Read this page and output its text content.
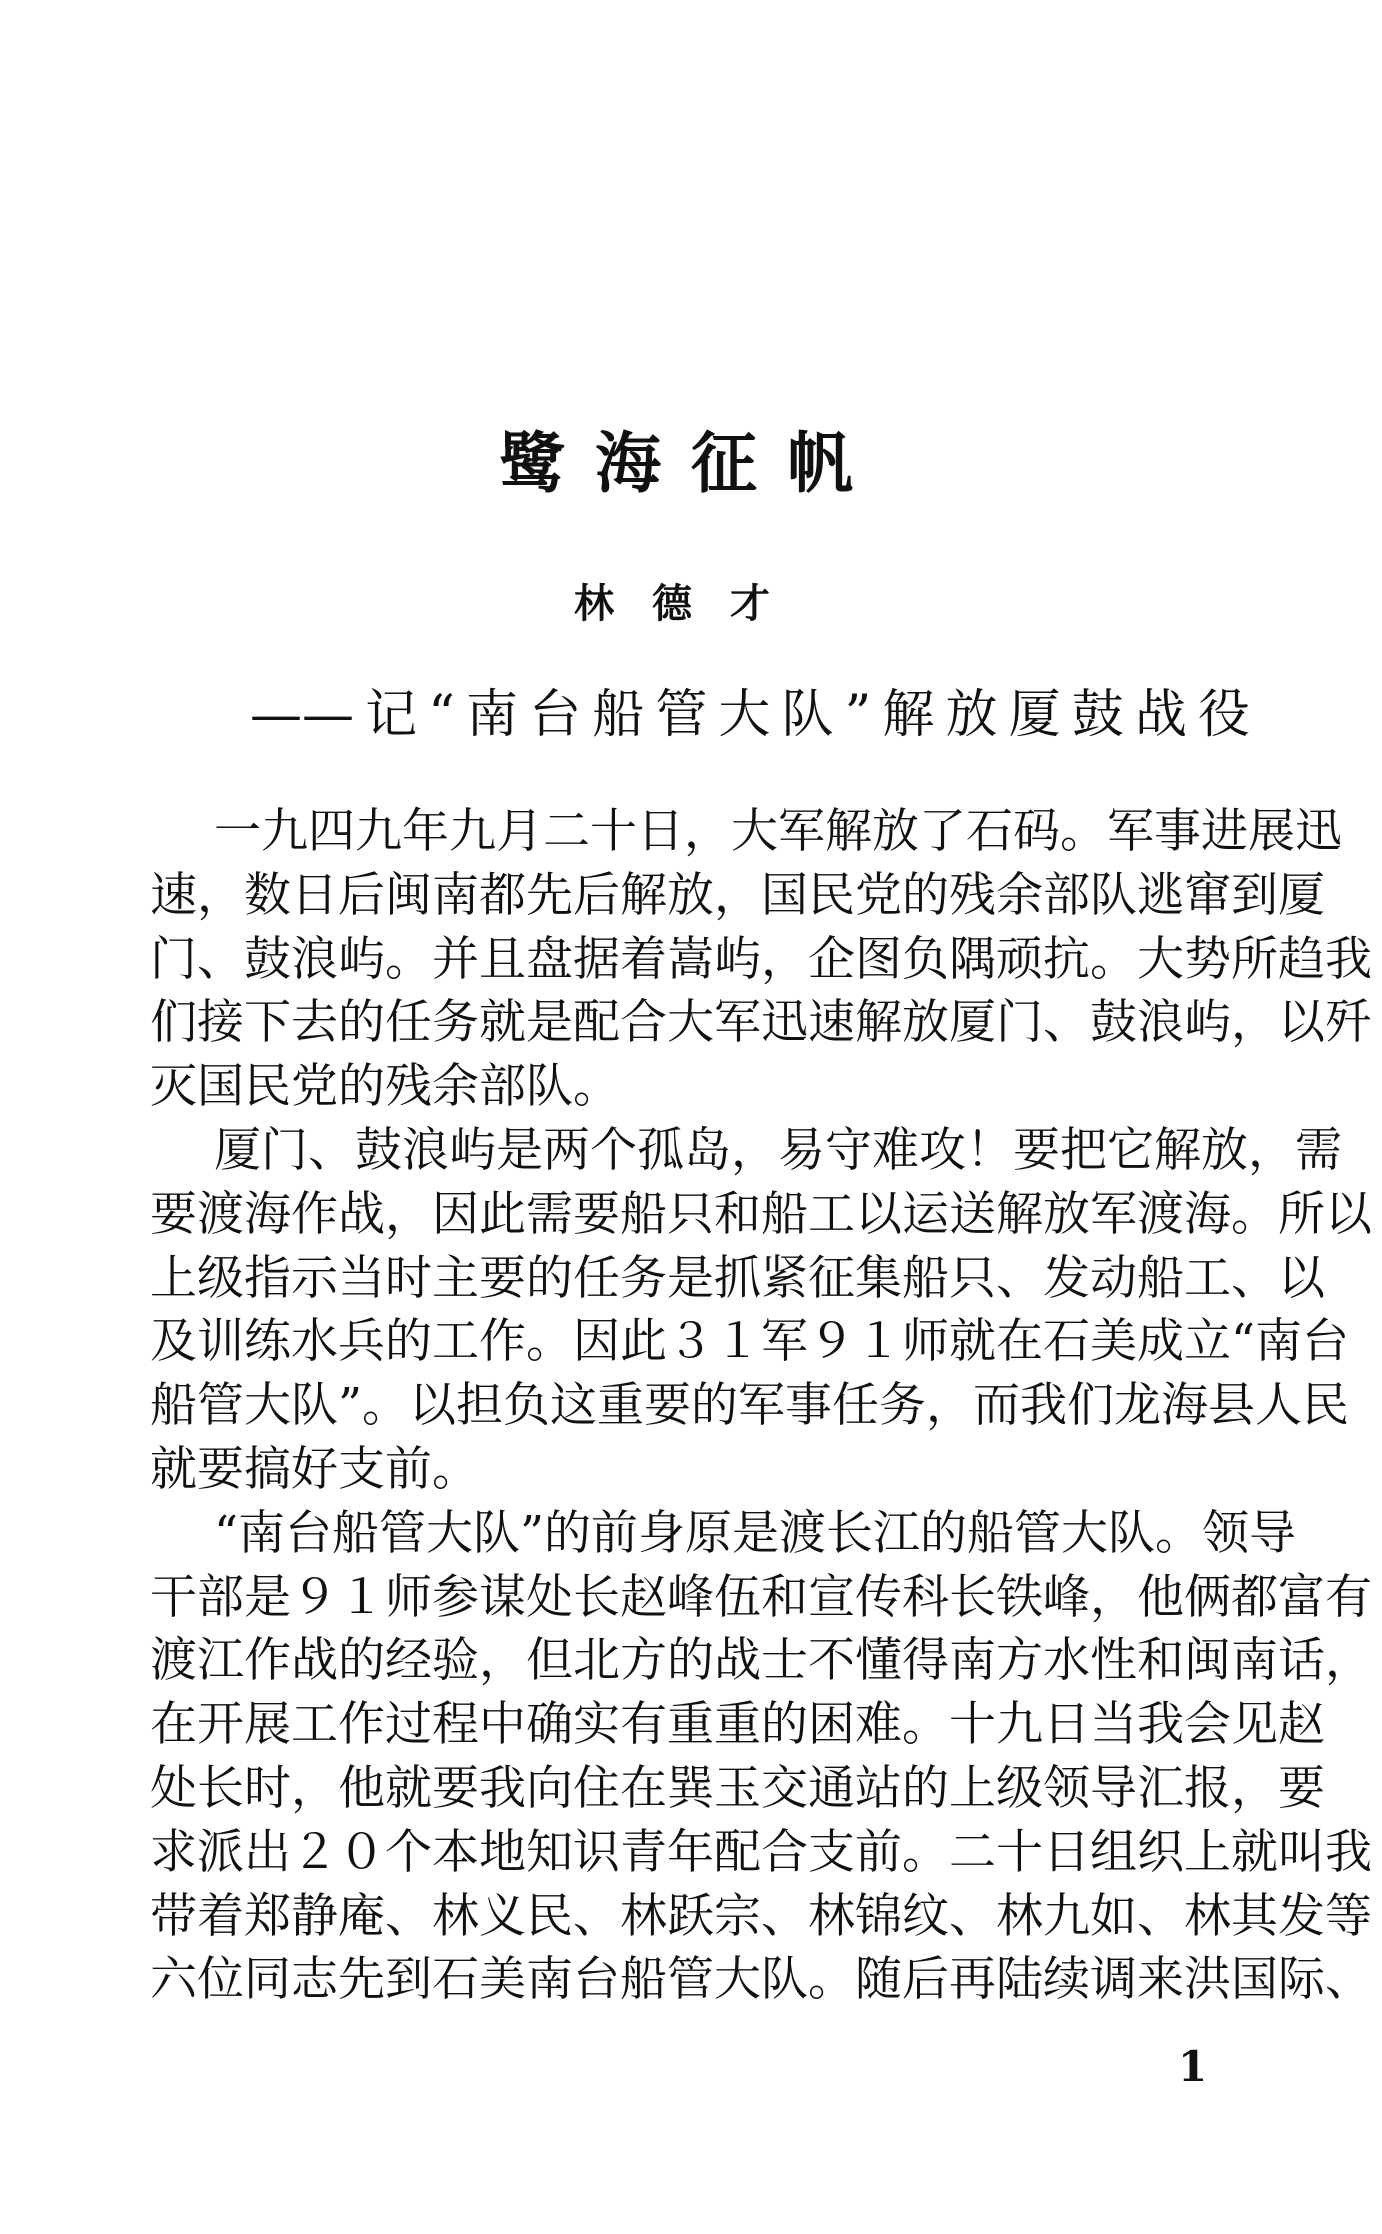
鹭海征帆
林德才
——记“南台船管大队”解放厦鼓战役
一九四九年九月二十日，大军解放了石码。军事进展迅
速，数日后闽南都先后解放，国民党的残余部队逃窜到厦
门、鼓浪屿。并且盘据着嵩屿，企图负隅顽抗。大势所趋我
们接下去的任务就是配合大军迅速解放厦门、鼓浪屿，以歼
灭国民党的残余部队。
厦门、鼓浪屿是两个孤岛，易守难攻！要把它解放，需
要渡海作战，因此需要船只和船工以运送解放军渡海。所以
上级指示当时主要的任务是抓紧征集船只、发动船工、以
及训练水兵的工作。因此３１军９１师就在石美成立“南台
船管大队”。以担负这重要的军事任务，而我们龙海县人民
就要搞好支前。
“南台船管大队”的前身原是渡长江的船管大队。领导
干部是９１师参谋处长赵峰伍和宣传科长铁峰，他俩都富有
渡江作战的经验，但北方的战士不懂得南方水性和闽南话，
在开展工作过程中确实有重重的困难。十九日当我会见赵
处长时，他就要我向住在巽玉交通站的上级领导汇报，要
求派出２０个本地知识青年配合支前。二十日组织上就叫我
带着郑静庵、林义民、林跃宗、林锦纹、林九如、林其发等
六位同志先到石美南台船管大队。随后再陆续调来洪国际、
1
